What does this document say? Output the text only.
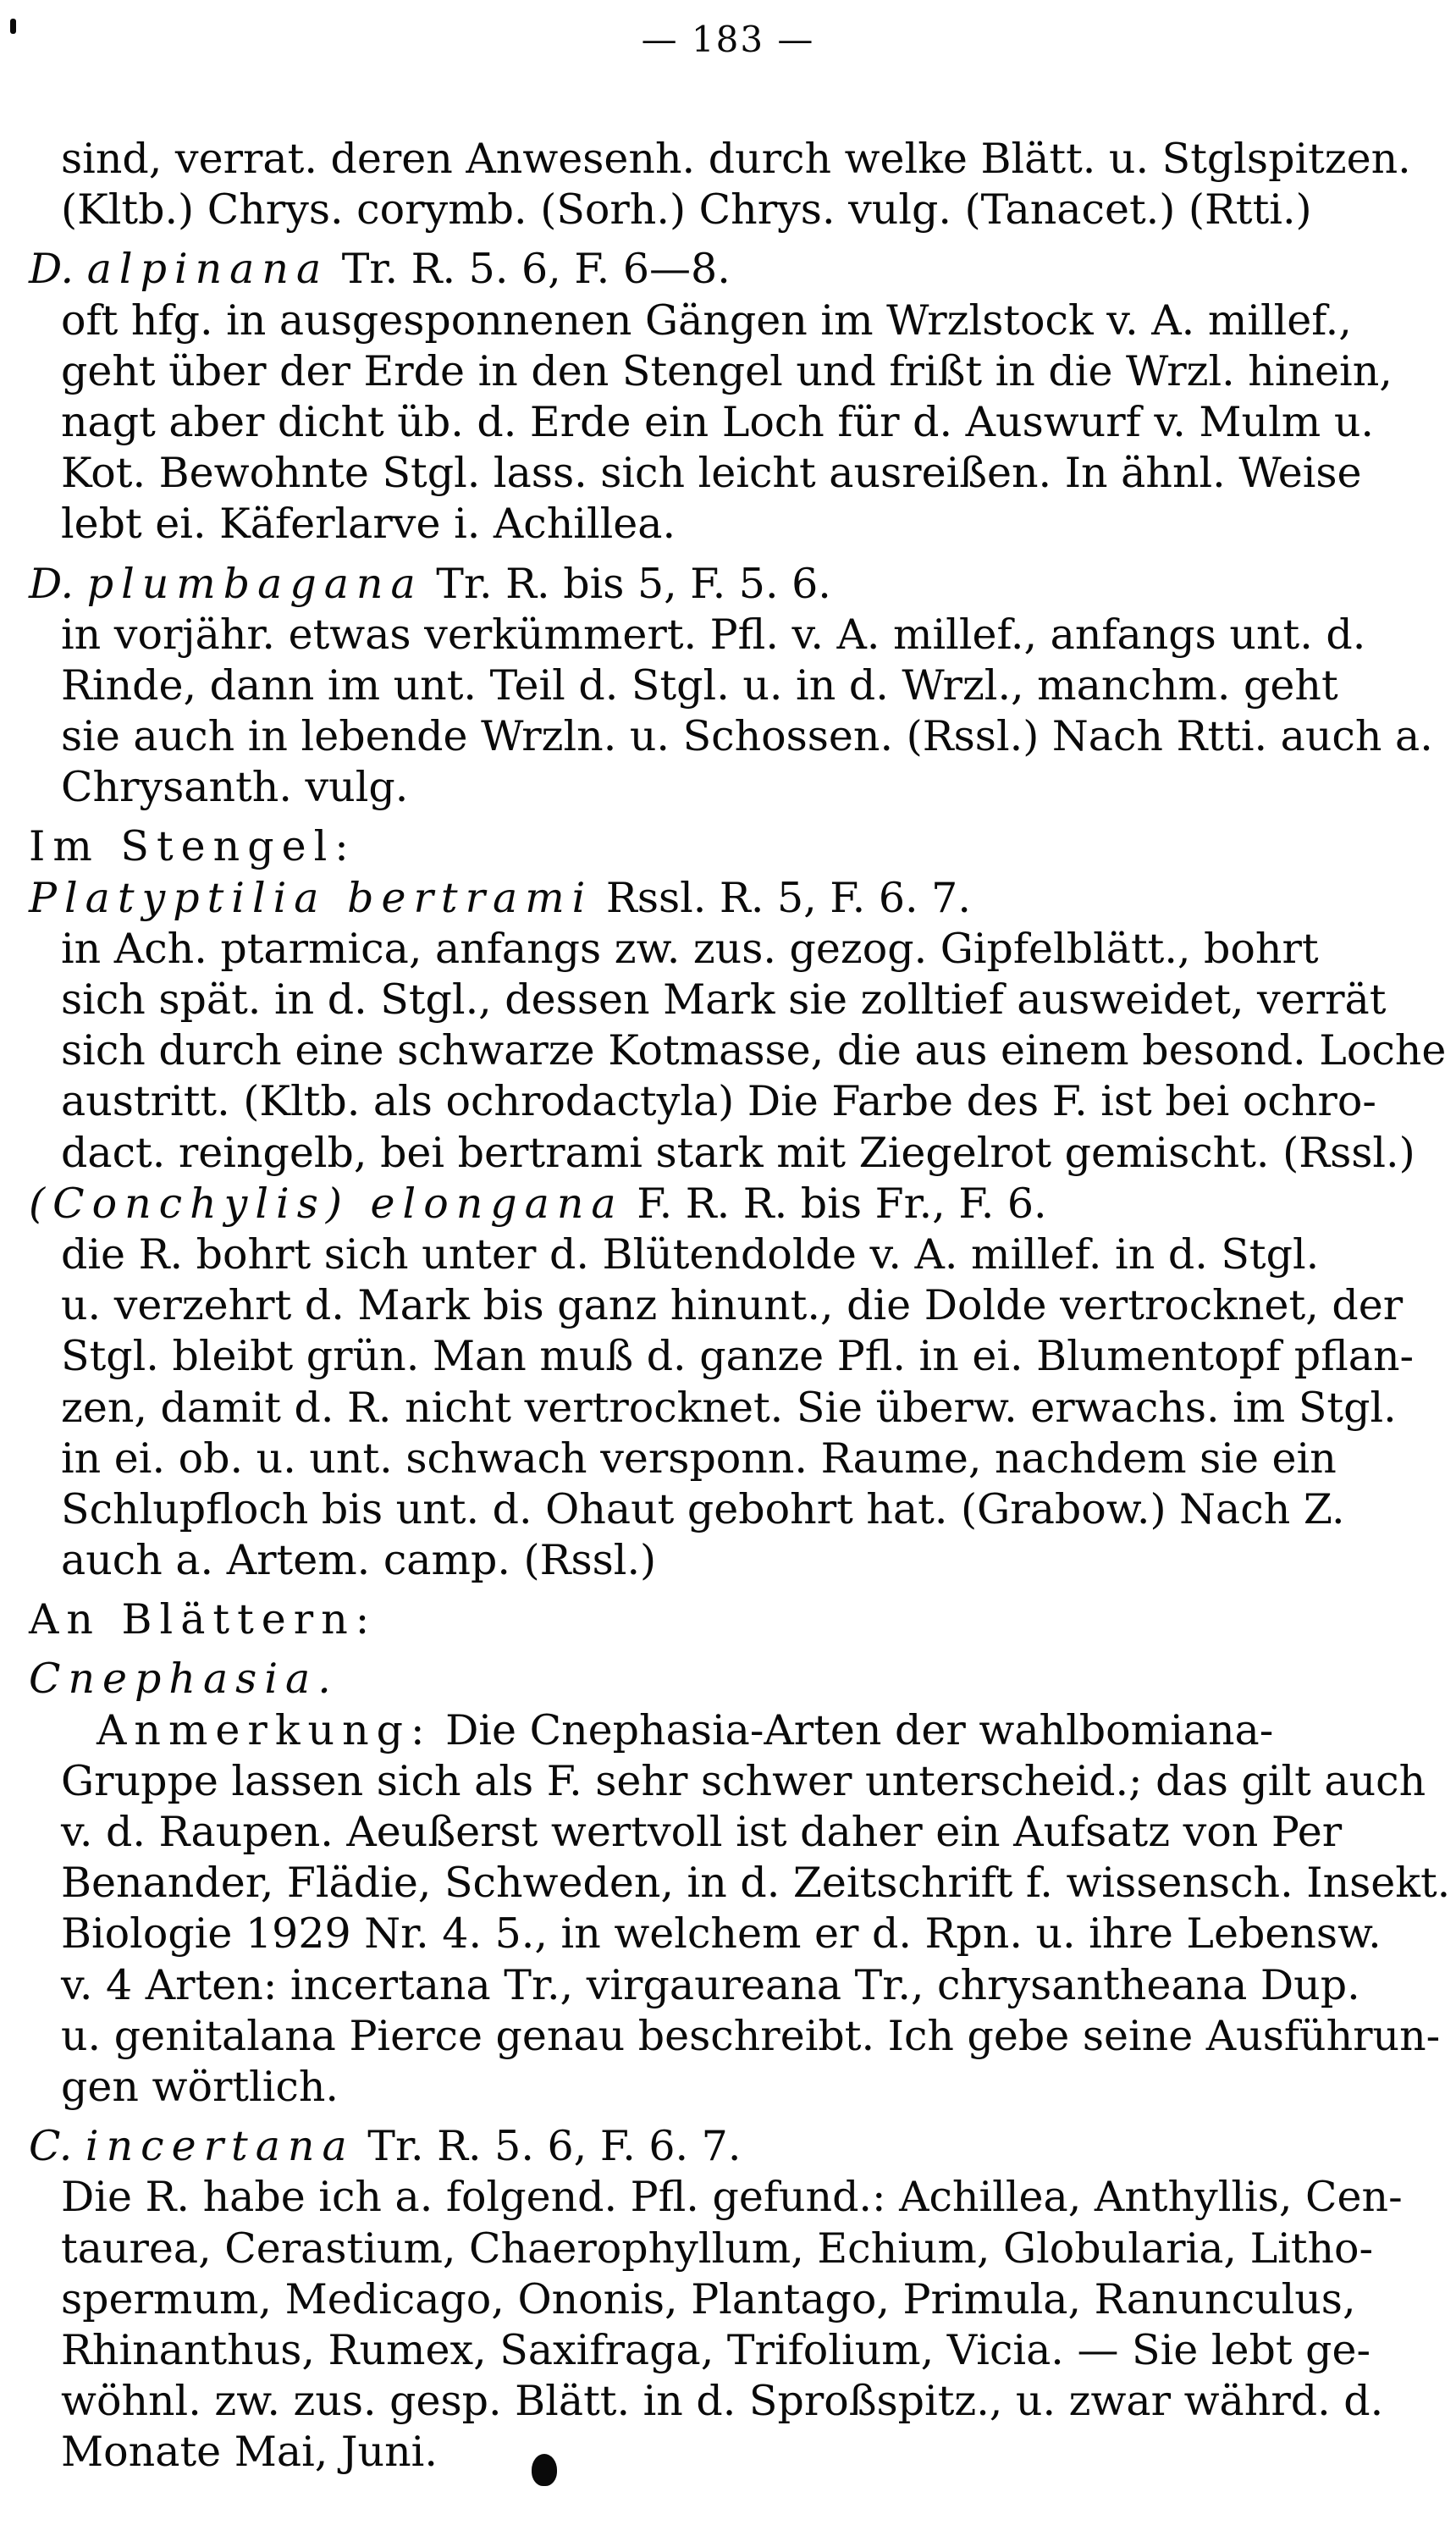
— 183 —
sind, verrat. deren Anwesenh. durch welke Blätt. u. Stglspitzen.
(Kltb.) Chrys. corymb. (Sorh.) Chrys. vulg. (Tanacet.) (Rtti.)
D. alpinana Tr. R. 5. 6, F. 6—8.
oft hfg. in ausgesponnenen Gängen im Wrzlstock v. A. millef.,
geht über der Erde in den Stengel und frißt in die Wrzl. hinein,
nagt aber dicht üb. d. Erde ein Loch für d. Auswurf v. Mulm u.
Kot. Bewohnte Stgl. lass. sich leicht ausreißen. In ähnl. Weise
lebt ei. Käferlarve i. Achillea.
D. plumbagana Tr. R. bis 5, F. 5. 6.
in vorjähr. etwas verkümmert. Pfl. v. A. millef., anfangs unt. d.
Rinde, dann im unt. Teil d. Stgl. u. in d. Wrzl., manchm. geht
sie auch in lebende Wrzln. u. Schossen. (Rssl.) Nach Rtti. auch a.
Chrysanth. vulg.
Im Stengel:
Platyptilia bertrami Rssl. R. 5, F. 6. 7.
in Ach. ptarmica, anfangs zw. zus. gezog. Gipfelblätt., bohrt
sich spät. in d. Stgl., dessen Mark sie zolltief ausweidet, verrät
sich durch eine schwarze Kotmasse, die aus einem besond. Loche
austritt. (Kltb. als ochrodactyla) Die Farbe des F. ist bei ochro-
dact. reingelb, bei bertrami stark mit Ziegelrot gemischt. (Rssl.)
(Conchylis) elongana F. R. R. bis Fr., F. 6.
die R. bohrt sich unter d. Blütendolde v. A. millef. in d. Stgl.
u. verzehrt d. Mark bis ganz hinunt., die Dolde vertrocknet, der
Stgl. bleibt grün. Man muß d. ganze Pfl. in ei. Blumentopf pflan-
zen, damit d. R. nicht vertrocknet. Sie überw. erwachs. im Stgl.
in ei. ob. u. unt. schwach versponn. Raume, nachdem sie ein
Schlupfloch bis unt. d. Ohaut gebohrt hat. (Grabow.) Nach Z.
auch a. Artem. camp. (Rssl.)
An Blättern:
Cnephasia.
Anmerkung: Die Cnephasia-Arten der wahlbomiana-
Gruppe lassen sich als F. sehr schwer unterscheid.; das gilt auch
v. d. Raupen. Aeußerst wertvoll ist daher ein Aufsatz von Per
Benander, Flädie, Schweden, in d. Zeitschrift f. wissensch. Insekt.
Biologie 1929 Nr. 4. 5., in welchem er d. Rpn. u. ihre Lebensw.
v. 4 Arten: incertana Tr., virgaureana Tr., chrysantheana Dup.
u. genitalana Pierce genau beschreibt. Ich gebe seine Ausführun-
gen wörtlich.
C. incertana Tr. R. 5. 6, F. 6. 7.
Die R. habe ich a. folgend. Pfl. gefund.: Achillea, Anthyllis, Cen-
taurea, Cerastium, Chaerophyllum, Echium, Globularia, Litho-
spermum, Medicago, Ononis, Plantago, Primula, Ranunculus,
Rhinanthus, Rumex, Saxifraga, Trifolium, Vicia. — Sie lebt ge-
wöhnl. zw. zus. gesp. Blätt. in d. Sproßspitz., u. zwar währd. d.
Monate Mai, Juni.
